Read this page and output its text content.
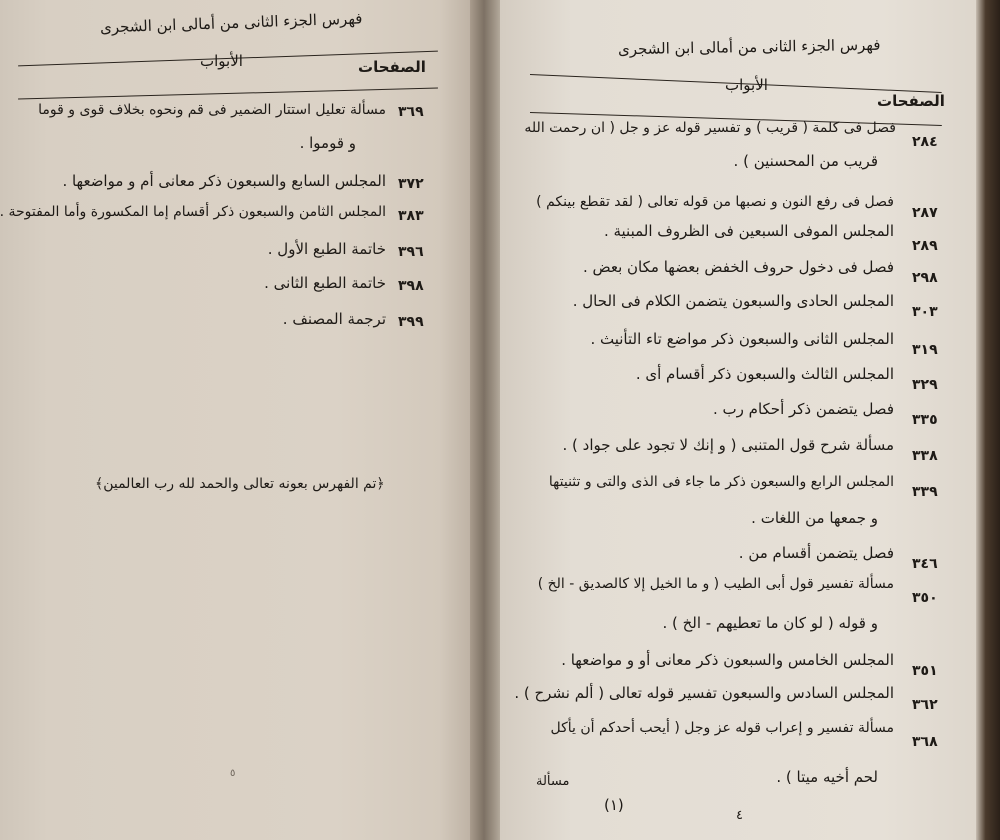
فهرس الجزء الثانى من أمالى ابن الشجرى
الصفحات
الأبواب
٣٦٩
مسألة تعليل استتار الضمير فى قم ونحوه بخلاف قوى و قوما
و قوموا .
٣٧٢
المجلس السابع والسبعون ذكر معانى أم و مواضعها .
٣٨٣
المجلس الثامن والسبعون ذكر أقسام إما المكسورة وأما المفتوحة .
٣٩٦
خاتمة الطبع الأول .
٣٩٨
خاتمة الطبع الثانى .
٣٩٩
ترجمة المصنف .
﴿تم الفهرس بعونه تعالى والحمد لله رب العالمين﴾
٥
فهرس الجزء الثانى من أمالى ابن الشجرى
الأبواب
الصفحات
٢٨٤
فصل فى كلمة ( قريب ) و تفسير قوله عز و جل ( ان رحمت الله
قريب من المحسنين ) .
٢٨٧
فصل فى رفع النون و نصبها من قوله تعالى ( لقد تقطع بينكم )
٢٨٩
المجلس الموفى السبعين فى الظروف المبنية .
٢٩٨
فصل فى دخول حروف الخفض بعضها مكان بعض .
٣٠٣
المجلس الحادى والسبعون يتضمن الكلام فى الحال .
٣١٩
المجلس الثانى والسبعون ذكر مواضع تاء التأنيث .
٣٢٩
المجلس الثالث والسبعون ذكر أقسام أى .
٣٣٥
فصل يتضمن ذكر أحكام رب .
٣٣٨
مسألة شرح قول المتنبى ( و إنك لا تجود على جواد ) .
٣٣٩
المجلس الرابع والسبعون ذكر ما جاء فى الذى والتى و تثنيتها
و جمعها من اللغات .
٣٤٦
فصل يتضمن أقسام من .
٣٥٠
مسألة تفسير قول أبى الطيب ( و ما الخيل إلا كالصديق - الخ )
و قوله ( لو كان ما تعطيهم - الخ ) .
٣٥١
المجلس الخامس والسبعون ذكر معانى أو و مواضعها .
٣٦٢
المجلس السادس والسبعون تفسير قوله تعالى ( ألم نشرح ) .
٣٦٨
مسألة تفسير و إعراب قوله عز وجل ( أيحب أحدكم أن يأكل
لحم أخيه ميتا ) .
مسألة
(١)
٤
